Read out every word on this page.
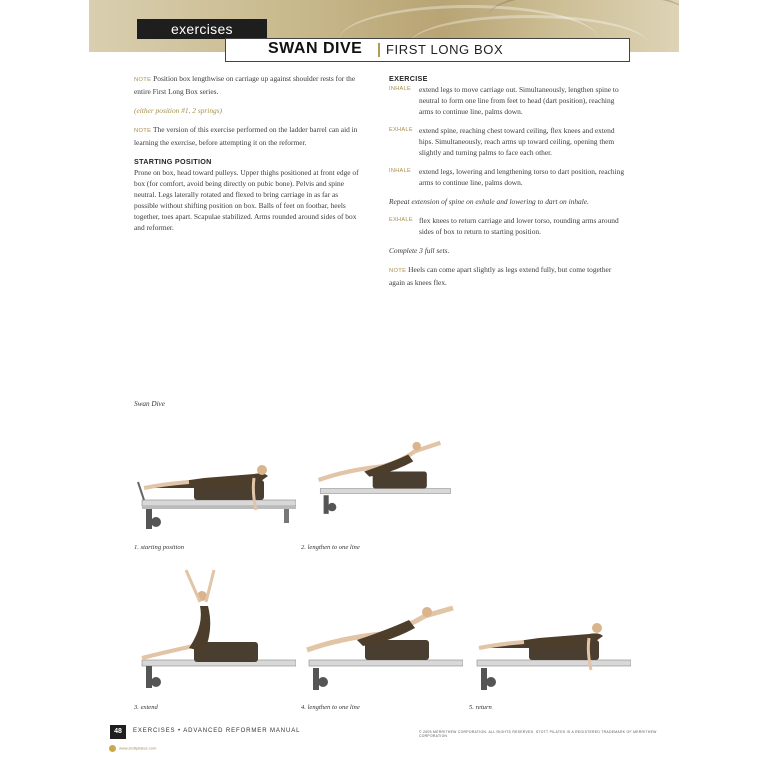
exercises
SWAN DIVE FIRST LONG BOX

NOTE Position box lengthwise on carriage up against shoulder rests for the entire First Long Box series.

(either position #1, 2 springs)

NOTE The version of this exercise performed on the ladder barrel can aid in learning the exercise, before attempting it on the reformer.

STARTING POSITION

Prone on box, head toward pulleys. Upper thighs positioned at front edge of box (for comfort, avoid being directly on pubic bone). Pelvis and spine neutral. Legs laterally rotated and flexed to bring carriage in as far as possible without shifting position on box. Balls of feet on footbar, heels together, toes apart. Scapulae stabilized. Arms rounded around sides of box and reformer.

EXERCISE

INHALE extend legs to move carriage out. Simultaneously, lengthen spine to neutral to form one line from feet to head (dart position), reaching arms to continue line, palms down.
EXHALE extend spine, reaching chest toward ceiling, flex knees and extend hips. Simultaneously, reach arms up toward ceiling, opening them slightly and turning palms to face each other.
INHALE extend legs, lowering and lengthening torso to dart position, reaching arms to continue line, palms down.

Repeat extension of spine on exhale and lowering to dart on inhale.

EXHALE flex knees to return carriage and lower torso, rounding arms around sides of box to return to starting position.

Complete 3 full sets.

NOTE Heels can come apart slightly as legs extend fully, but come together again as knees flex.

Swan Dive
1. starting position	2. lengthen to one line
3. extend	4. lengthen to one line	5. return
48	EXERCISES • ADVANCED REFORMER MANUAL	© 2005 MERRITHEW CORPORATION. ALL RIGHTS RESERVED. STOTT PILATES IS A REGISTERED TRADEMARK OF MERRITHEW CORPORATION
www.stottpilates.com
